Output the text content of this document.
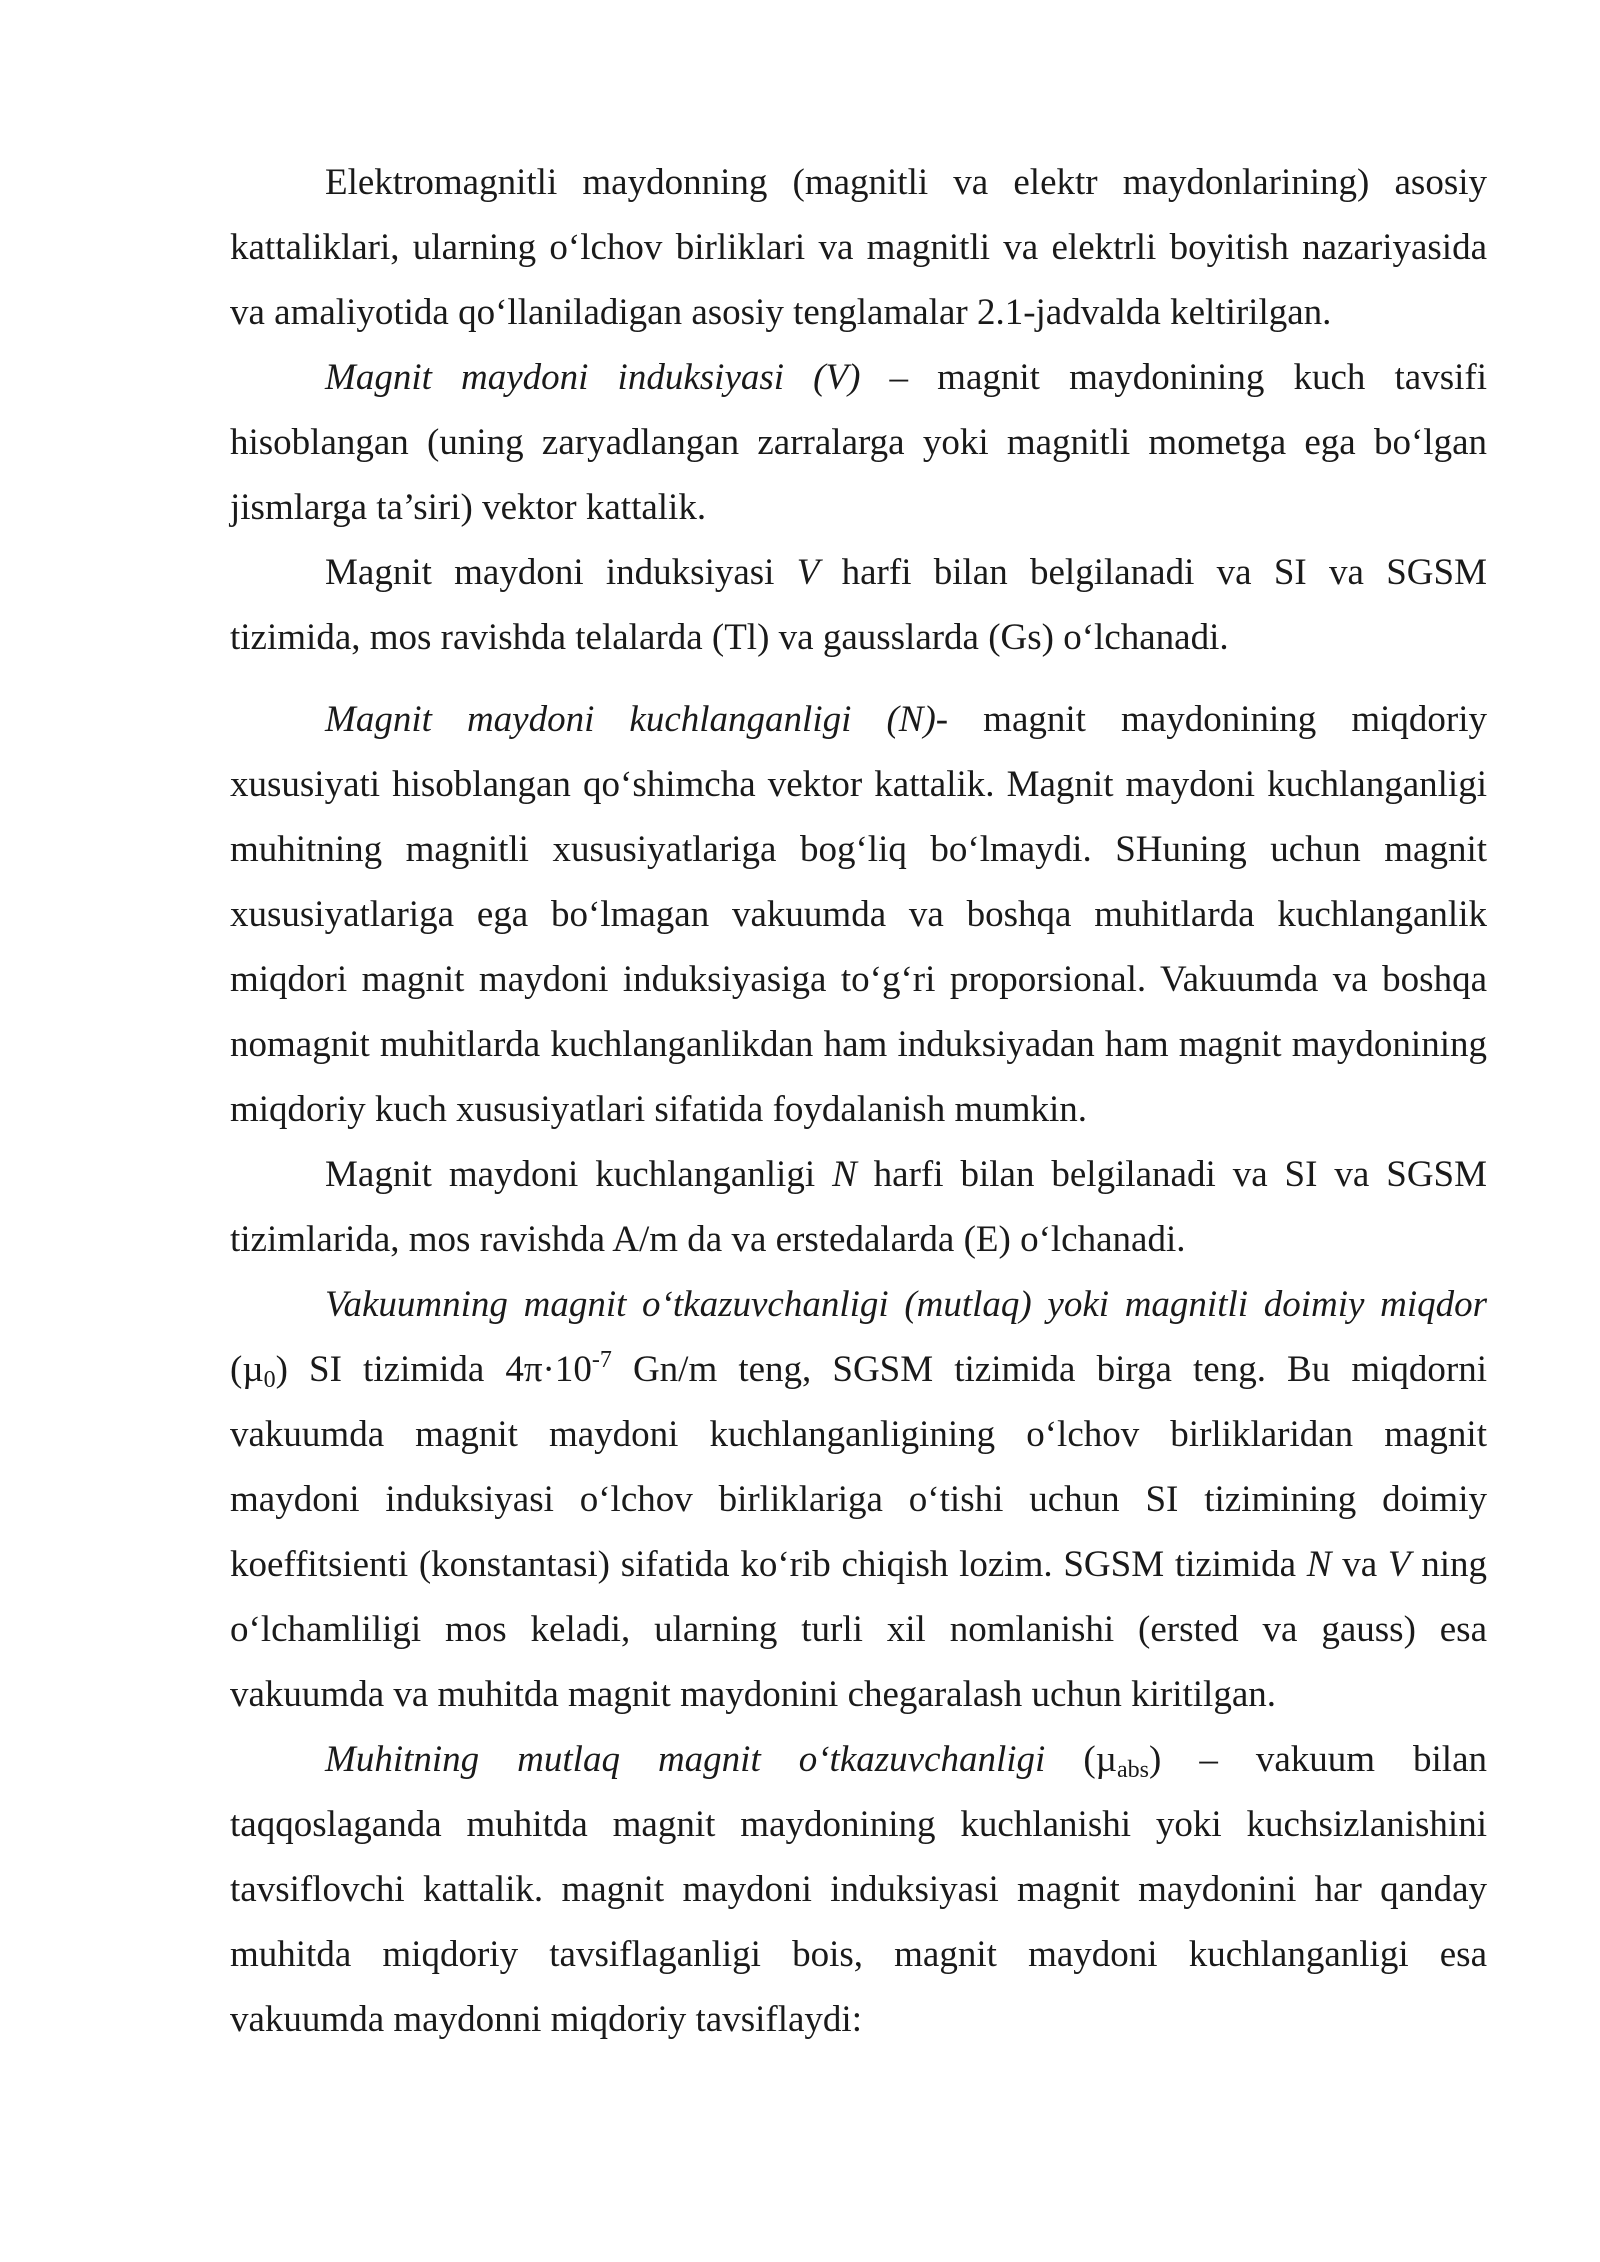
Elektromagnitli maydonning (magnitli va elektr maydonlarining) asosiy kattaliklari, ularning o‘lchov birliklari va magnitli va elektrli boyitish nazariyasida va amaliyotida qo‘llaniladigan asosiy tenglamalar 2.1-jadvalda keltirilgan.

Magnit maydoni induksiyasi (V) – magnit maydonining kuch tavsifi hisoblangan (uning zaryadlangan zarralarga yoki magnitli mometga ega bo‘lgan jismlarga ta’siri) vektor kattalik.

Magnit maydoni induksiyasi V harfi bilan belgilanadi va SI va SGSM tizimida, mos ravishda telalarda (Tl) va gausslarda (Gs) o‘lchanadi.

Magnit maydoni kuchlanganligi (N)- magnit maydonining miqdoriy xususiyati hisoblangan qo‘shimcha vektor kattalik. Magnit maydoni kuchlanganligi muhitning magnitli xususiyatlariga bog‘liq bo‘lmaydi. SHuning uchun magnit xususiyatlariga ega bo‘lmagan vakuumda va boshqa muhitlarda kuchlanganlik miqdori magnit maydoni induksiyasiga to‘g‘ri proporsional. Vakuumda va boshqa nomagnit muhitlarda kuchlanganlikdan ham induksiyadan ham magnit maydonining miqdoriy kuch xususiyatlari sifatida foydalanish mumkin.

Magnit maydoni kuchlanganligi N harfi bilan belgilanadi va SI va SGSM tizimlarida, mos ravishda A/m da va erstedalarda (E) o‘lchanadi.

Vakuumning magnit o‘tkazuvchanligi (mutlaq) yoki magnitli doimiy miqdor (µ$_0$) SI tizimida $4\pi\cdot 10^{-7}$ Gn/m teng, SGSM tizimida birga teng. Bu miqdorni vakuumda magnit maydoni kuchlanganligining o‘lchov birliklaridan magnit maydoni induksiyasi o‘lchov birliklariga o‘tishi uchun SI tizimining doimiy koeffitsienti (konstantasi) sifatida ko‘rib chiqish lozim. SGSM tizimida N va V ning o‘lchamliligi mos keladi, ularning turli xil nomlanishi (ersted va gauss) esa vakuumda va muhitda magnit maydonini chegaralash uchun kiritilgan.

Muhitning mutlaq magnit o‘tkazuvchanligi (µ$_{abs}$) – vakuum bilan taqqoslaganda muhitda magnit maydonining kuchlanishi yoki kuchsizlanishini tavsiflovchi kattalik. magnit maydoni induksiyasi magnit maydonini har qanday muhitda miqdoriy tavsiflaganligi bois, magnit maydoni kuchlanganligi esa vakuumda maydonni miqdoriy tavsiflaydi:
